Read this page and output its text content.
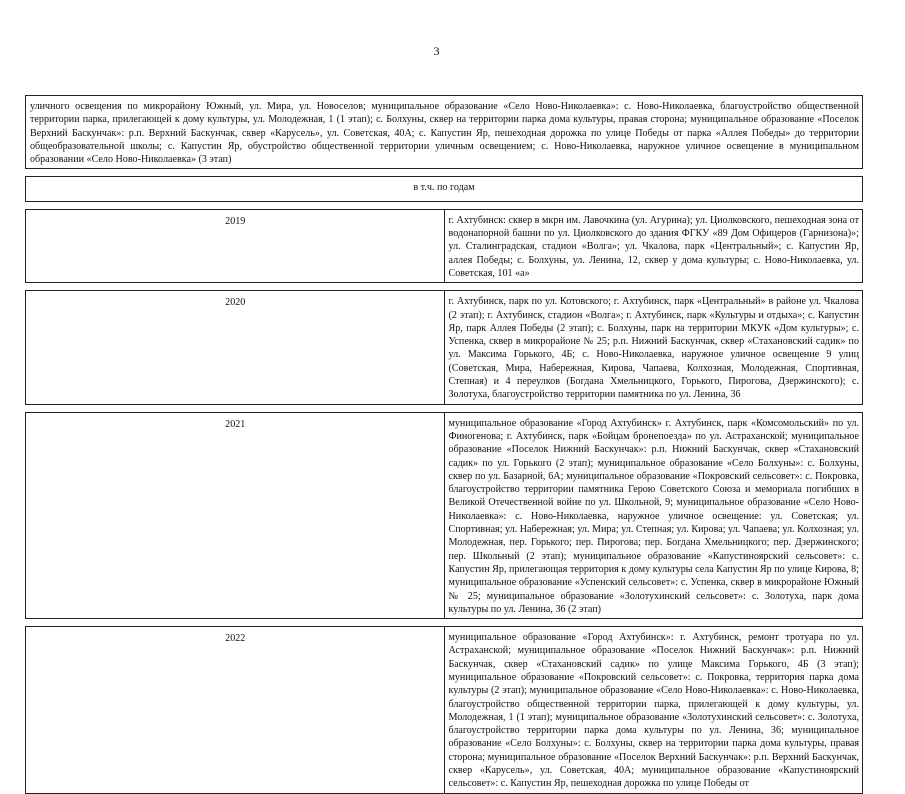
3
уличного освещения по микрорайону Южный, ул. Мира, ул. Новоселов; муниципальное образование «Село Ново-Николаевка»: с. Ново-Николаевка, благоустройство общественной территории парка, прилегающей к дому культуры, ул. Молодежная, 1 (1 этап); с. Болхуны, сквер на территории парка дома культуры, правая сторона; муниципальное образование «Поселок Верхний Баскунчак»: р.п. Верхний Баскунчак, сквер «Карусель», ул. Советская, 40А; с. Капустин Яр, пешеходная дорожка по улице Победы от парка «Аллея Победы» до территории общеобразовательной школы; с. Капустин Яр, обустройство общественной территории уличным освещением; с. Ново-Николаевка, наружное уличное освещение в муниципальном образовании «Село Ново-Николаевка» (3 этап)	

в т.ч. по годам	

2019	г. Ахтубинск: сквер в мкрн им. Лавочкина (ул. Агурина); ул. Циолковского, пешеходная зона от водонапорной башни по ул. Циолковского до здания ФГКУ «89 Дом Офицеров (Гарнизона)»; ул. Сталинградская, стадион «Волга»; ул. Чкалова, парк «Центральный»; с. Капустин Яр, аллея Победы; с. Болхуны, ул. Ленина, 12, сквер у дома культуры; с. Ново-Николаевка, ул. Советская, 101 «а»

2020	г. Ахтубинск, парк по ул. Котовского; г. Ахтубинск, парк «Центральный» в районе ул. Чкалова (2 этап); г. Ахтубинск, стадион «Волга»; г. Ахтубинск, парк «Культуры и отдыха»; с. Капустин Яр, парк Аллея Победы (2 этап); с. Болхуны, парк на территории МКУК «Дом культуры»; с. Успенка, сквер в микрорайоне № 25; р.п. Нижний Баскунчак, сквер «Стахановский садик» по ул. Максима Горького, 4Б; с. Ново-Николаевка, наружное уличное освещение 9 улиц (Советская, Мира, Набережная, Кирова, Чапаева, Колхозная, Молодежная, Спортивная, Степная) и 4 переулков (Богдана Хмельницкого, Горького, Пирогова, Дзержинского); с. Золотуха, благоустройство территории памятника по ул. Ленина, 36

2021	муниципальное образование «Город Ахтубинск» г. Ахтубинск, парк «Комсомольский» по ул. Финогенова; г. Ахтубинск, парк «Бойцам бронепоезда» по ул. Астраханской; муниципальное образование «Поселок Нижний Баскунчак»: р.п. Нижний Баскунчак, сквер «Стахановский садик» по ул. Горького (2 этап); муниципальное образование «Село Болхуны»: с. Болхуны, сквер по ул. Базарной, 6А; муниципальное образование «Покровский сельсовет»: с. Покровка, благоустройство территории памятника Герою Советского Союза и мемориала погибших в Великой Отечественной войне по ул. Школьной, 9; муниципальное образование «Село Ново-Николаевка»: с. Ново-Николаевка, наружное уличное освещение: ул. Советская; ул. Спортивная; ул. Набережная; ул. Мира; ул. Степная; ул. Кирова; ул. Чапаева; ул. Колхозная; ул. Молодежная, пер. Горького; пер. Пирогова; пер. Богдана Хмельницкого; пер. Дзержинского; пер. Школьный (2 этап); муниципальное образование «Капустиноярский сельсовет»: с. Капустин Яр, прилегающая территория к дому культуры села Капустин Яр по улице Кирова, 8; муниципальное образование «Успенский сельсовет»: с. Успенка, сквер в микрорайоне Южный № 25; муниципальное образование «Золотухинский сельсовет»: с. Золотуха, парк дома культуры по ул. Ленина, 36 (2 этап)

2022	муниципальное образование «Город Ахтубинск»: г. Ахтубинск, ремонт тротуара по ул. Астраханской; муниципальное образование «Поселок Нижний Баскунчак»: р.п. Нижний Баскунчак, сквер «Стахановский садик» по улице Максима Горького, 4Б (3 этап); муниципальное образование «Покровский сельсовет»: с. Покровка, территория парка дома культуры (2 этап); муниципальное образование «Село Ново-Николаевка»: с. Ново-Николаевка, благоустройство общественной территории парка, прилегающей к дому культуры, ул. Молодежная, 1 (1 этап); муниципальное образование «Золотухинский сельсовет»: с. Золотуха, благоустройство территории парка дома культуры по ул. Ленина, 36; муниципальное образование «Село Болхуны»: с. Болхуны, сквер на территории парка дома культуры, правая сторона; муниципальное образование «Поселок Верхний Баскунчак»: р.п. Верхний Баскунчак, сквер «Карусель», ул. Советская, 40А; муниципальное образование «Капустиноярский сельсовет»: с. Капустин Яр, пешеходная дорожка по улице Победы от
